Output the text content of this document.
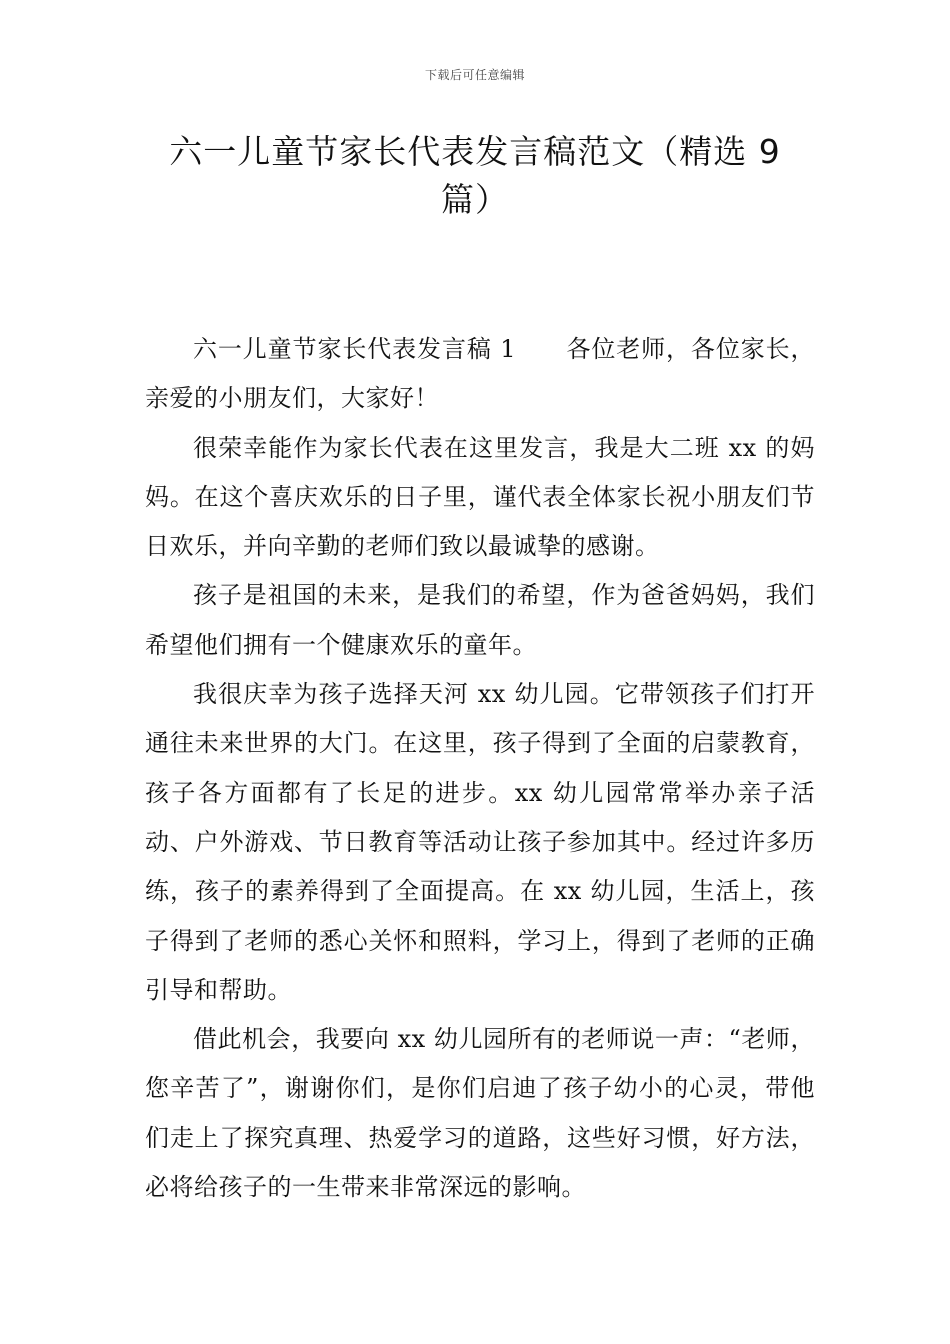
下载后可任意编辑
六一儿童节家长代表发言稿范文（精选 9 篇）

六一儿童节家长代表发言稿 1 各位老师，各位家长，亲爱的小朋友们，大家好！

很荣幸能作为家长代表在这里发言，我是大二班 xx 的妈妈。在这个喜庆欢乐的日子里，谨代表全体家长祝小朋友们节日欢乐，并向辛勤的老师们致以最诚挚的感谢。

孩子是祖国的未来，是我们的希望，作为爸爸妈妈，我们希望他们拥有一个健康欢乐的童年。

我很庆幸为孩子选择天河 xx 幼儿园。它带领孩子们打开通往未来世界的大门。在这里，孩子得到了全面的启蒙教育，孩子各方面都有了长足的进步。xx 幼儿园常常举办亲子活动、户外游戏、节日教育等活动让孩子参加其中。经过许多历练，孩子的素养得到了全面提高。在 xx 幼儿园，生活上，孩子得到了老师的悉心关怀和照料，学习上，得到了老师的正确引导和帮助。

借此机会，我要向 xx 幼儿园所有的老师说一声：“老师，您辛苦了”，谢谢你们，是你们启迪了孩子幼小的心灵，带他们走上了探究真理、热爱学习的道路，这些好习惯，好方法，必将给孩子的一生带来非常深远的影响。
